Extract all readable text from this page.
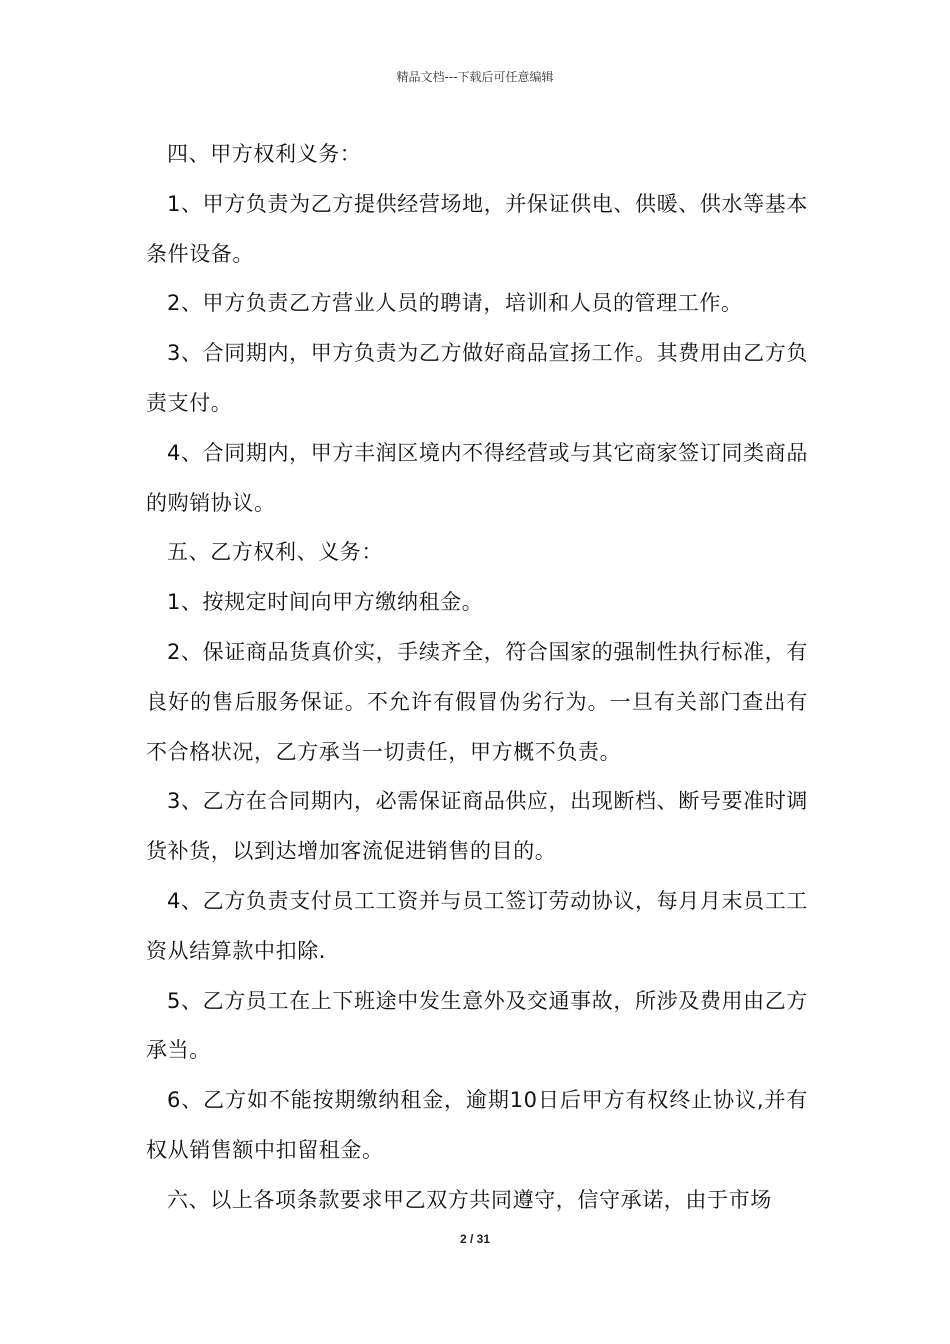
精品文档---下载后可任意编辑

四、甲方权利义务：

1、甲方负责为乙方提供经营场地，并保证供电、供暖、供水等基本条件设备。

2、甲方负责乙方营业人员的聘请，培训和人员的管理工作。

3、合同期内，甲方负责为乙方做好商品宣扬工作。其费用由乙方负责支付。

4、合同期内，甲方丰润区境内不得经营或与其它商家签订同类商品的购销协议。

五、乙方权利、义务：

1、按规定时间向甲方缴纳租金。

2、保证商品货真价实，手续齐全，符合国家的强制性执行标准，有良好的售后服务保证。不允许有假冒伪劣行为。一旦有关部门查出有不合格状况，乙方承当一切责任，甲方概不负责。

3、乙方在合同期内，必需保证商品供应，出现断档、断号要准时调货补货，以到达增加客流促进销售的目的。

4、乙方负责支付员工工资并与员工签订劳动协议，每月月末员工工资从结算款中扣除.

5、乙方员工在上下班途中发生意外及交通事故，所涉及费用由乙方承当。

6、乙方如不能按期缴纳租金，逾期10日后甲方有权终止协议,并有权从销售额中扣留租金。

六、以上各项条款要求甲乙双方共同遵守，信守承诺，由于市场

2 / 31
